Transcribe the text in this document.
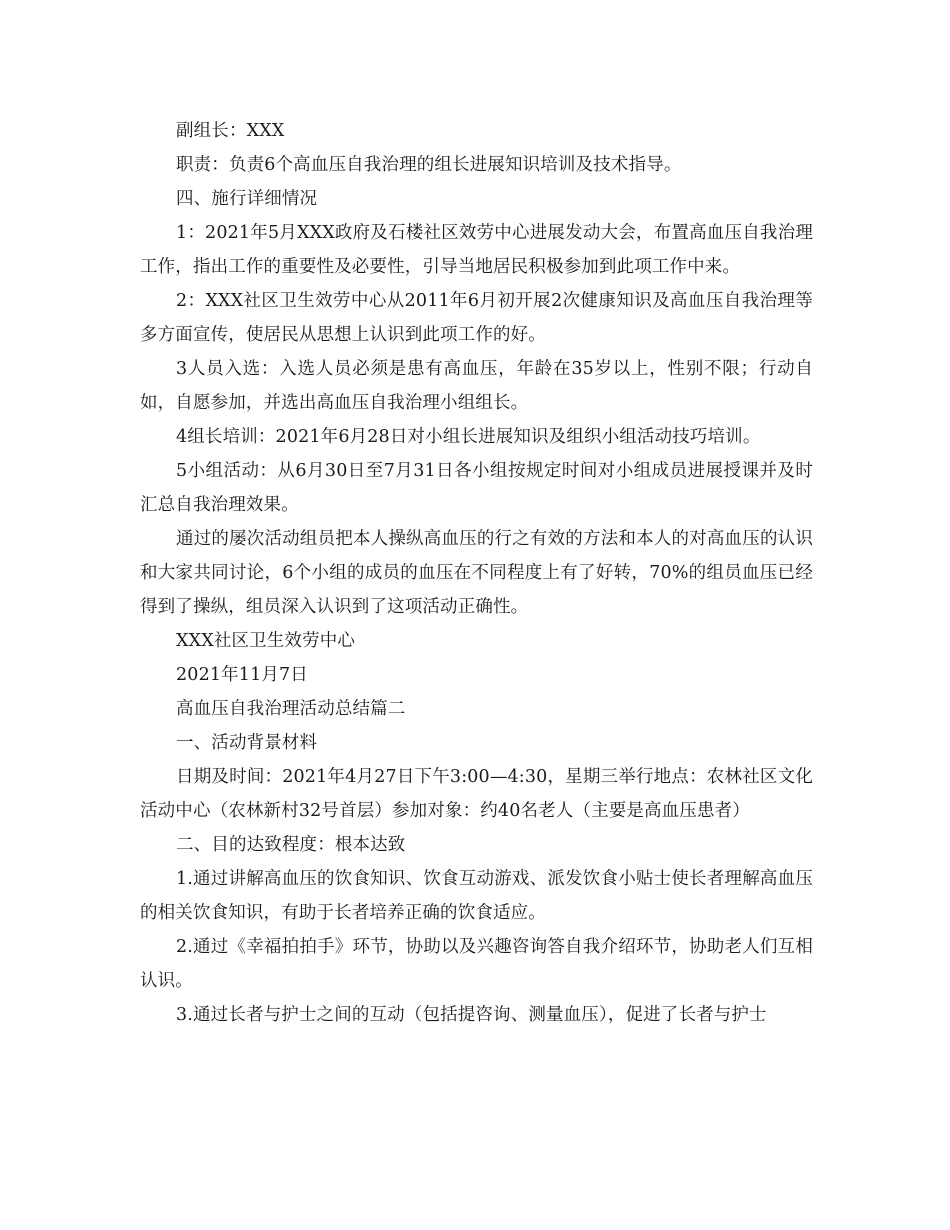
副组长：XXX

职责：负责6个高血压自我治理的组长进展知识培训及技术指导。

四、施行详细情况

1：2021年5月XXX政府及石楼社区效劳中心进展发动大会，布置高血压自我治理工作，指出工作的重要性及必要性，引导当地居民积极参加到此项工作中来。

2：XXX社区卫生效劳中心从2011年6月初开展2次健康知识及高血压自我治理等多方面宣传，使居民从思想上认识到此项工作的好。

3人员入选：入选人员必须是患有高血压，年龄在35岁以上，性别不限；行动自如，自愿参加，并选出高血压自我治理小组组长。

4组长培训：2021年6月28日对小组长进展知识及组织小组活动技巧培训。

5小组活动：从6月30日至7月31日各小组按规定时间对小组成员进展授课并及时汇总自我治理效果。

通过的屡次活动组员把本人操纵高血压的行之有效的方法和本人的对高血压的认识和大家共同讨论，6个小组的成员的血压在不同程度上有了好转，70%的组员血压已经得到了操纵，组员深入认识到了这项活动正确性。

XXX社区卫生效劳中心

2021年11月7日

高血压自我治理活动总结篇二

一、活动背景材料

日期及时间：2021年4月27日下午3:00—4:30，星期三举行地点：农林社区文化活动中心（农林新村32号首层）参加对象：约40名老人（主要是高血压患者）

二、目的达致程度：根本达致

1.通过讲解高血压的饮食知识、饮食互动游戏、派发饮食小贴士使长者理解高血压的相关饮食知识，有助于长者培养正确的饮食适应。

2.通过《幸福拍拍手》环节，协助以及兴趣咨询答自我介绍环节，协助老人们互相认识。

3.通过长者与护士之间的互动（包括提咨询、测量血压），促进了长者与护士
